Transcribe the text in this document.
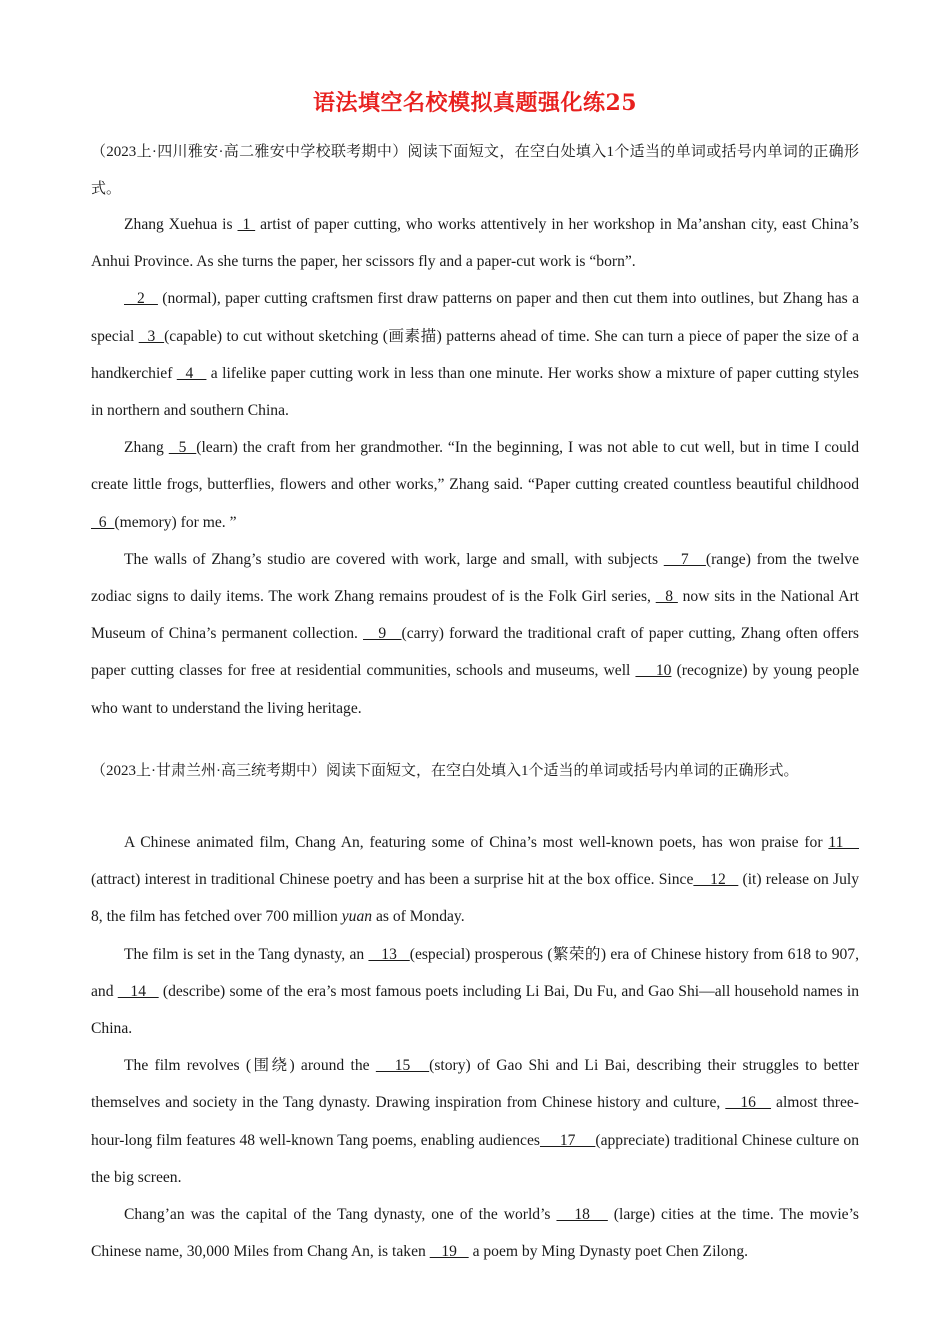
语法填空名校模拟真题强化练25

（2023上·四川雅安·高二雅安中学校联考期中）阅读下面短文，在空白处填入1个适当的单词或括号内单词的正确形式。

Zhang Xuehua is  1  artist of paper cutting, who works attentively in her workshop in Ma’anshan city, east China’s Anhui Province. As she turns the paper, her scissors fly and a paper-cut work is “born”.

2    (normal), paper cutting craftsmen first draw patterns on paper and then cut them into outlines, but Zhang has a special   3  (capable) to cut without sketching (画素描) patterns ahead of time. She can turn a piece of paper the size of a handkerchief   4    a lifelike paper cutting work in less than one minute. Her works show a mixture of paper cutting styles in northern and southern China.

Zhang   5  (learn) the craft from her grandmother. “In the beginning, I was not able to cut well, but in time I could create little frogs, butterflies, flowers and other works,” Zhang said. “Paper cutting created countless beautiful childhood   6  (memory) for me. ”

The walls of Zhang’s studio are covered with work, large and small, with subjects    7   (range) from the twelve zodiac signs to daily items. The work Zhang remains proudest of is the Folk Girl series,   8  now sits in the National Art Museum of China’s permanent collection.    9   (carry) forward the traditional craft of paper cutting, Zhang often offers paper cutting classes for free at residential communities, schools and museums, well     10 (recognize) by young people who want to understand the living heritage.

（2023上·甘肃兰州·高三统考期中）阅读下面短文，在空白处填入1个适当的单词或括号内单词的正确形式。

A Chinese animated film, Chang An, featuring some of China’s most well-known poets, has won praise for 11    (attract) interest in traditional Chinese poetry and has been a surprise hit at the box office. Since    12    (it) release on July 8, the film has fetched over 700 million yuan as of Monday.

The film is set in the Tang dynasty, an    13   (especial) prosperous (繁荣的) era of Chinese history from 618 to 907, and    14    (describe) some of the era’s most famous poets including Li Bai, Du Fu, and Gao Shi—all household names in China.

The film revolves (围绕) around the    15   (story) of Gao Shi and Li Bai, describing their struggles to better themselves and society in the Tang dynasty. Drawing inspiration from Chinese history and culture,    16    almost three-hour-long film features 48 well-known Tang poems, enabling audiences     17     (appreciate) traditional Chinese culture on the big screen.

Chang’an was the capital of the Tang dynasty, one of the world’s    18    (large) cities at the time. The movie’s Chinese name, 30,000 Miles from Chang An, is taken    19    a poem by Ming Dynasty poet Chen Zilong.
